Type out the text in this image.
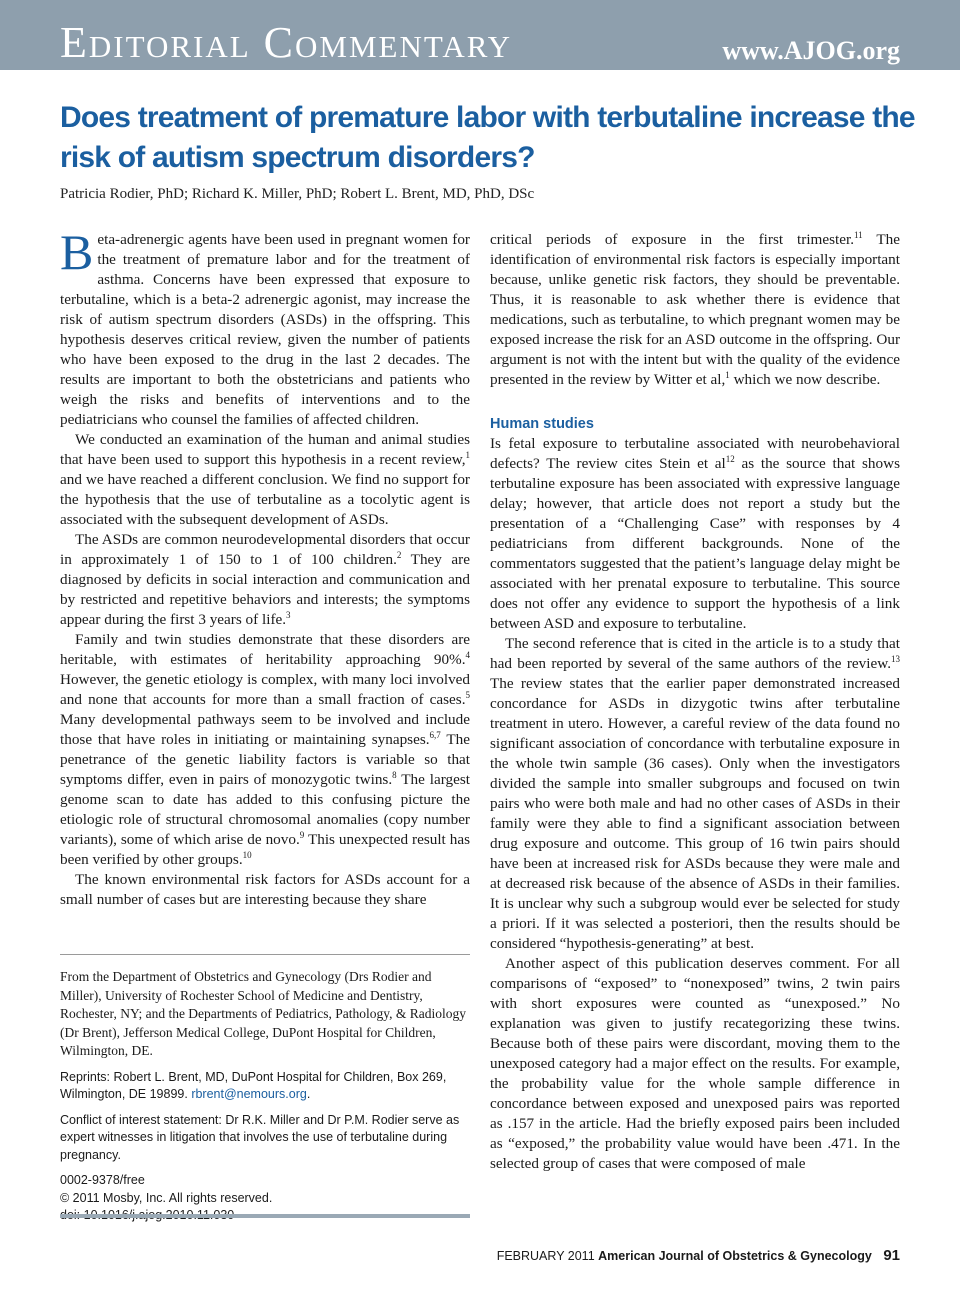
Editorial Commentary	www.AJOG.org
Does treatment of premature labor with terbutaline increase the risk of autism spectrum disorders?
Patricia Rodier, PhD; Richard K. Miller, PhD; Robert L. Brent, MD, PhD, DSc

Beta-adrenergic agents have been used in pregnant women for the treatment of premature labor and for the treatment of asthma. Concerns have been expressed that exposure to terbutaline, which is a beta-2 adrenergic agonist, may increase the risk of autism spectrum disorders (ASDs) in the offspring. This hypothesis deserves critical review, given the number of patients who have been exposed to the drug in the last 2 decades. The results are important to both the obstetricians and patients who weigh the risks and benefits of interventions and to the pediatricians who counsel the families of affected children.

We conducted an examination of the human and animal studies that have been used to support this hypothesis in a recent review,$^1$ and we have reached a different conclusion. We find no support for the hypothesis that the use of terbutaline as a tocolytic agent is associated with the subsequent development of ASDs.

The ASDs are common neurodevelopmental disorders that occur in approximately 1 of 150 to 1 of 100 children.$^2$ They are diagnosed by deficits in social interaction and communication and by restricted and repetitive behaviors and interests; the symptoms appear during the first 3 years of life.$^3$

Family and twin studies demonstrate that these disorders are heritable, with estimates of heritability approaching 90%.$^4$ However, the genetic etiology is complex, with many loci involved and none that accounts for more than a small fraction of cases.$^5$ Many developmental pathways seem to be involved and include those that have roles in initiating or maintaining synapses.$^{6,7}$ The penetrance of the genetic liability factors is variable so that symptoms differ, even in pairs of monozygotic twins.$^8$ The largest genome scan to date has added to this confusing picture the etiologic role of structural chromosomal anomalies (copy number variants), some of which arise de novo.$^9$ This unexpected result has been verified by other groups.$^{10}$

The known environmental risk factors for ASDs account for a small number of cases but are interesting because they share

From the Department of Obstetrics and Gynecology (Drs Rodier and Miller), University of Rochester School of Medicine and Dentistry, Rochester, NY; and the Departments of Pediatrics, Pathology, & Radiology (Dr Brent), Jefferson Medical College, DuPont Hospital for Children, Wilmington, DE.

Reprints: Robert L. Brent, MD, DuPont Hospital for Children, Box 269, Wilmington, DE 19899. rbrent@nemours.org.

Conflict of interest statement: Dr R.K. Miller and Dr P.M. Rodier serve as expert witnesses in litigation that involves the use of terbutaline during pregnancy.

0002-9378/free
© 2011 Mosby, Inc. All rights reserved.

critical periods of exposure in the first trimester.$^{11}$ The identification of environmental risk factors is especially important because, unlike genetic risk factors, they should be preventable. Thus, it is reasonable to ask whether there is evidence that medications, such as terbutaline, to which pregnant women may be exposed increase the risk for an ASD outcome in the offspring. Our argument is not with the intent but with the quality of the evidence presented in the review by Witter et al,$^1$ which we now describe.

Human studies

Is fetal exposure to terbutaline associated with neurobehavioral defects? The review cites Stein et $al^{12}$ as the source that shows terbutaline exposure has been associated with expressive language delay; however, that article does not report a study but the presentation of a “Challenging Case” with responses by 4 pediatricians from different backgrounds. None of the commentators suggested that the patient’s language delay might be associated with her prenatal exposure to terbutaline. This source does not offer any evidence to support the hypothesis of a link between ASD and exposure to terbutaline.

The second reference that is cited in the article is to a study that had been reported by several of the same authors of the review.$^{13}$ The review states that the earlier paper demonstrated increased concordance for ASDs in dizygotic twins after terbutaline treatment in utero. However, a careful review of the data found no significant association of concordance with terbutaline exposure in the whole twin sample (36 cases). Only when the investigators divided the sample into smaller subgroups and focused on twin pairs who were both male and had no other cases of ASDs in their family were they able to find a significant association between drug exposure and outcome. This group of 16 twin pairs should have been at increased risk for ASDs because they were male and at decreased risk because of the absence of ASDs in their families. It is unclear why such a subgroup would ever be selected for study a priori. If it was selected a posteriori, then the results should be considered “hypothesis-generating” at best.

Another aspect of this publication deserves comment. For all comparisons of “exposed” to “nonexposed” twins, 2 twin pairs with short exposures were counted as “unexposed.” No explanation was given to justify recategorizing these twins. Because both of these pairs were discordant, moving them to the unexposed category had a major effect on the results. For example, the probability value for the whole sample difference in concordance between exposed and unexposed pairs was reported as .157 in the article. Had the briefly exposed pairs been included as “exposed,” the probability value would have been .471. In the selected group of cases that were composed of male

FEBRUARY 2011 American Journal of Obstetrics & Gynecology 91
